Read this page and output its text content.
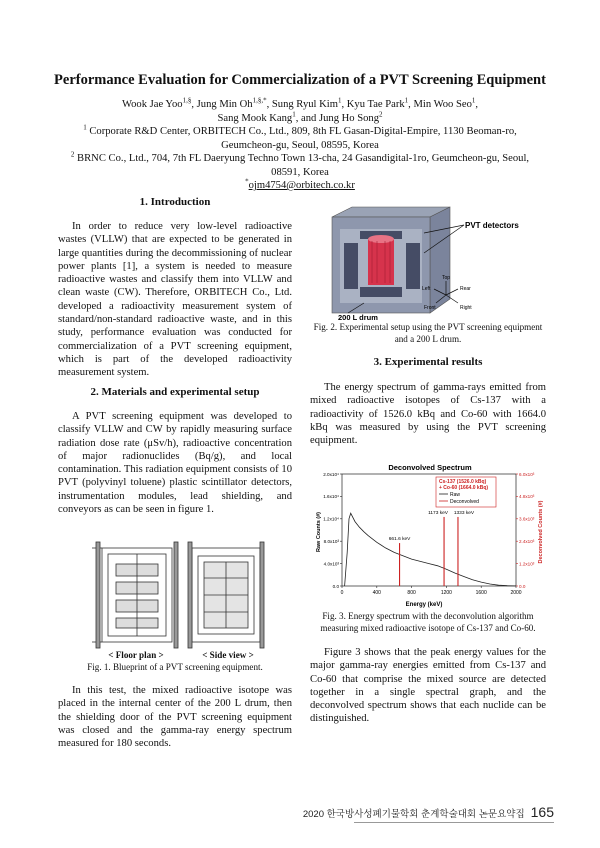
Performance Evaluation for Commercialization of a PVT Screening Equipment
Wook Jae Yoo$^{1,\S}$, Jung Min $Oh^{1,\S,*}$, Sung Ryul Kim$^1$, Kyu Tae Park$^1$, Min Woo Seo$^1$,
Sang Mook Kang$^1$, and Jung Ho Song$^2$
$^1$ Corporate R&D Center, ORBITECH Co., Ltd., 809, 8th FL Gasan-Digital-Empire, 1130 Beoman-ro,
Geumcheon-gu, Seoul, 08595, Korea
$^2$ BRNC Co., Ltd., 704, 7th FL Daeryung Techno Town 13-cha, 24 Gasandigital-1ro, Geumcheon-gu, Seoul,
08591, Korea
*ojm4754@orbitech.co.kr
1. Introduction
In order to reduce very low-level radioactive wastes (VLLW) that are expected to be generated in large quantities during the decommissioning of nuclear power plants [1], a system is needed to measure radioactive wastes and classify them into VLLW and clean waste (CW). Therefore, ORBITECH Co., Ltd. developed a radioactivity measurement system of standard/non-standard radioactive waste, and in this study, performance evaluation was conducted for commercialization of a PVT screening equipment, which is part of the developed radioactivity measurement system.
2. Materials and experimental setup
A PVT screening equipment was developed to classify VLLW and CW by rapidly measuring surface radiation dose rate (μSv/h), radioactive concentration of major radionuclides (Bq/g), and local contamination. This radiation equipment consists of 10 PVT (polyvinyl toluene) plastic scintillator detectors, instrumentation modules, lead shielding, and conveyors as can be seen in figure 1.
< Floor plan >	< Side view >
Fig. 1. Blueprint of a PVT screening equipment.
In this test, the mixed radioactive isotope was placed in the internal center of the 200 L drum, then the shielding door of the PVT screening equipment was closed and the gamma-ray energy spectrum measured for 180 seconds.
PVT detectors
200 L drum
Top
Left	Rear
Front	Right
Fig. 2. Experimental setup using the PVT screening equipment and a 200 L drum.
3. Experimental results
The energy spectrum of gamma-rays emitted from mixed radioactive isotopes of Cs-137 with a radioactivity of 1526.0 kBq and Co-60 with 1664.0 kBq was measured by using the PVT screening equipment.
Deconvolved Spectrum
0	400	800	1200	1600	2000
0.0
4.0x10³
8.0x10³
1.2x10⁴
1.6x10⁴
2.0x10⁴
0.0
1.2x10³
2.4x10³
3.6x10³
4.8x10³
6.0x10³
661.6 keV
1173 keV 1333 keV
Cs-137 (1526.0 kBq)
+ Co-60 (1664.0 kBq)
Raw
Deconvolved
Raw Counts (#)	Deconvolved Counts (#)
Energy (keV)
Fig. 3. Energy spectrum with the deconvolution algorithm measuring mixed radioactive isotope of Cs-137 and Co-60.
Figure 3 shows that the peak energy values for the major gamma-ray energies emitted from Cs-137 and Co-60 that comprise the mixed source are detected together in a single spectral graph, and the deconvolved spectrum shows that each nuclide can be distinguished.
2020 한국방사성폐기물학회 춘계학술대회 논문요약집 165
